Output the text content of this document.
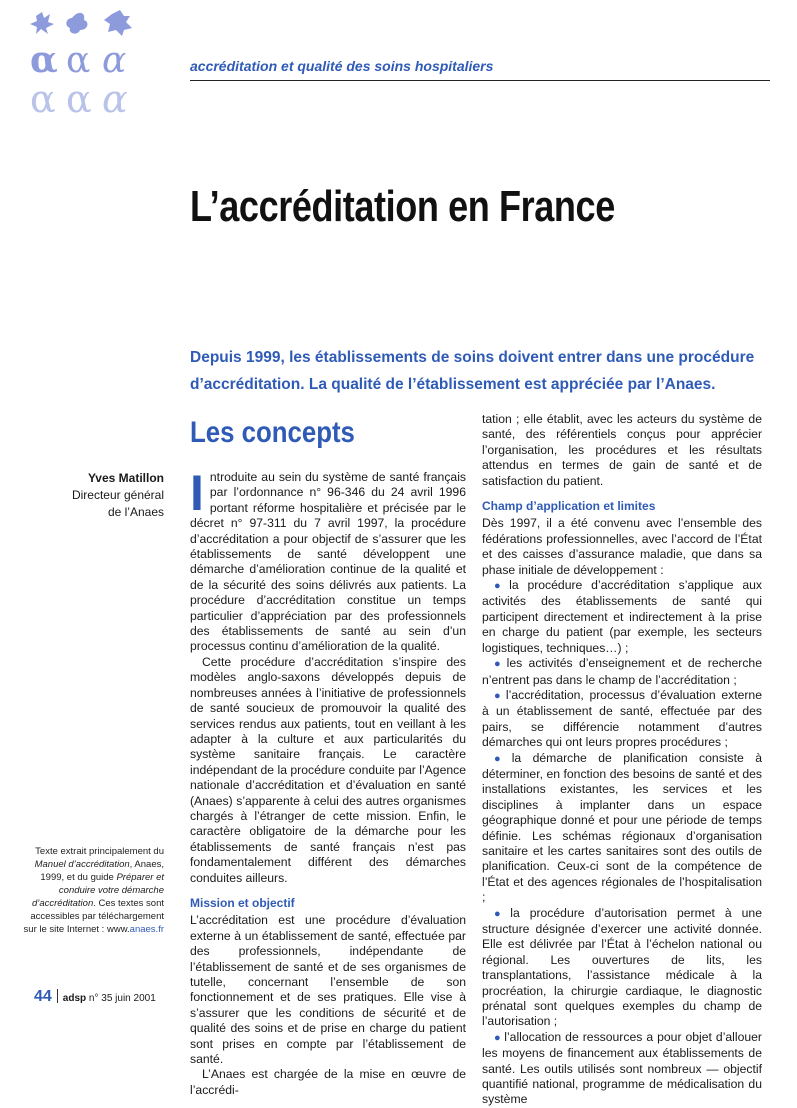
α α α
α α α
accréditation et qualité des soins hospitaliers
L’accréditation en France
Depuis 1999, les établissements de soins doivent entrer dans une procédure d’accréditation. La qualité de l’établissement est appréciée par l’Anaes.
Yves Matillon
Directeur général
de l’Anaes
Texte extrait principalement du Manuel d’accréditation, Anaes, 1999, et du guide Préparer et conduire votre démarche d’accréditation. Ces textes sont accessibles par téléchargement sur le site Internet : www.anaes.fr
Les concepts

Introduite au sein du système de santé français par l’ordonnance n° 96-346 du 24 avril 1996 portant réforme hospitalière et précisée par le décret n° 97-311 du 7 avril 1997, la procédure d’accréditation a pour objectif de s’assurer que les établissements de santé développent une démarche d’amélioration continue de la qualité et de la sécurité des soins délivrés aux patients. La procédure d’accréditation constitue un temps particulier d’appréciation par des professionnels des établissements de santé au sein d’un processus continu d’amélioration de la qualité.

Cette procédure d’accréditation s’inspire des modèles anglo-saxons développés depuis de nombreuses années à l’initiative de professionnels de santé soucieux de promouvoir la qualité des services rendus aux patients, tout en veillant à les adapter à la culture et aux particularités du système sanitaire français. Le caractère indépendant de la procédure conduite par l’Agence nationale d’accréditation et d’évaluation en santé (Anaes) s’apparente à celui des autres organismes chargés à l’étranger de cette mission. Enfin, le caractère obligatoire de la démarche pour les établissements de santé français n’est pas fondamentalement différent des démarches conduites ailleurs.

Mission et objectif

L’accréditation est une procédure d’évaluation externe à un établissement de santé, effectuée par des professionnels, indépendante de l’établissement de santé et de ses organismes de tutelle, concernant l’ensemble de son fonctionnement et de ses pratiques. Elle vise à s’assurer que les conditions de sécurité et de qualité des soins et de prise en charge du patient sont prises en compte par l’établissement de santé.

L’Anaes est chargée de la mise en œuvre de l’accrédi-

tation ; elle établit, avec les acteurs du système de santé, des référentiels conçus pour apprécier l’organisation, les procédures et les résultats attendus en termes de gain de santé et de satisfaction du patient.

Champ d’application et limites

Dès 1997, il a été convenu avec l’ensemble des fédérations professionnelles, avec l’accord de l’État et des caisses d’assurance maladie, que dans sa phase initiale de développement :

● la procédure d’accréditation s’applique aux activités des établissements de santé qui participent directement et indirectement à la prise en charge du patient (par exemple, les secteurs logistiques, techniques…) ;

● les activités d’enseignement et de recherche n’entrent pas dans le champ de l’accréditation ;

● l’accréditation, processus d’évaluation externe à un établissement de santé, effectuée par des pairs, se différencie notamment d’autres démarches qui ont leurs propres procédures ;

● la démarche de planification consiste à déterminer, en fonction des besoins de santé et des installations existantes, les services et les disciplines à implanter dans un espace géographique donné et pour une période de temps définie. Les schémas régionaux d’organisation sanitaire et les cartes sanitaires sont des outils de planification. Ceux-ci sont de la compétence de l’État et des agences régionales de l’hospitalisation ;

● la procédure d’autorisation permet à une structure désignée d’exercer une activité donnée. Elle est délivrée par l’État à l’échelon national ou régional. Les ouvertures de lits, les transplantations, l’assistance médicale à la procréation, la chirurgie cardiaque, le diagnostic prénatal sont quelques exemples du champ de l’autorisation ;

● l’allocation de ressources a pour objet d’allouer les moyens de financement aux établissements de santé. Les outils utilisés sont nombreux — objectif quantifié national, programme de médicalisation du système

44 adsp n° 35 juin 2001
